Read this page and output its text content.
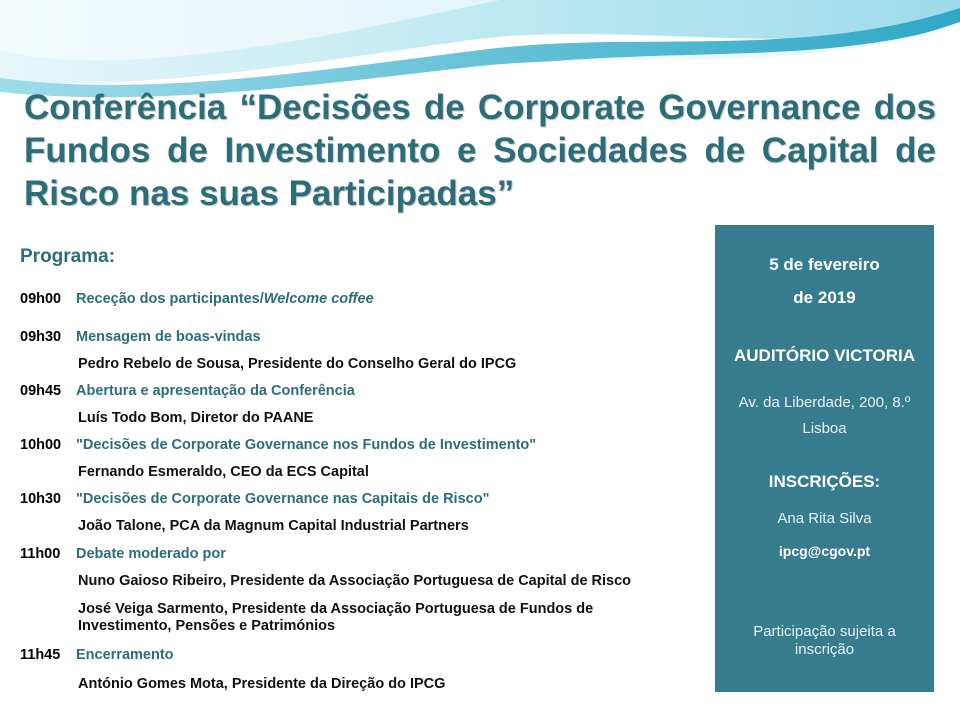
Conferência “Decisões de Corporate Governance dos Fundos de Investimento e Sociedades de Capital de Risco nas suas Participadas”
Programa:
09h00 Receção dos participantes/Welcome coffee
09h30 Mensagem de boas-vindas
Pedro Rebelo de Sousa, Presidente do Conselho Geral do IPCG
09h45 Abertura e apresentação da Conferência
Luís Todo Bom, Diretor do PAANE
10h00 "Decisões de Corporate Governance nos Fundos de Investimento"
Fernando Esmeraldo, CEO da ECS Capital
10h30 "Decisões de Corporate Governance nas Capitais de Risco"
João Talone, PCA da Magnum Capital Industrial Partners
11h00 Debate moderado por
Nuno Gaioso Ribeiro, Presidente da Associação Portuguesa de Capital de Risco
José Veiga Sarmento, Presidente da Associação Portuguesa de Fundos de Investimento, Pensões e Patrimónios
11h45 Encerramento
António Gomes Mota, Presidente da Direção do IPCG
5 de fevereiro
de 2019
AUDITÓRIO VICTORIA
Av. da Liberdade, 200, 8.º
Lisboa
INSCRIÇÕES:
Ana Rita Silva
ipcg@cgov.pt
Participação sujeita a
inscrição
